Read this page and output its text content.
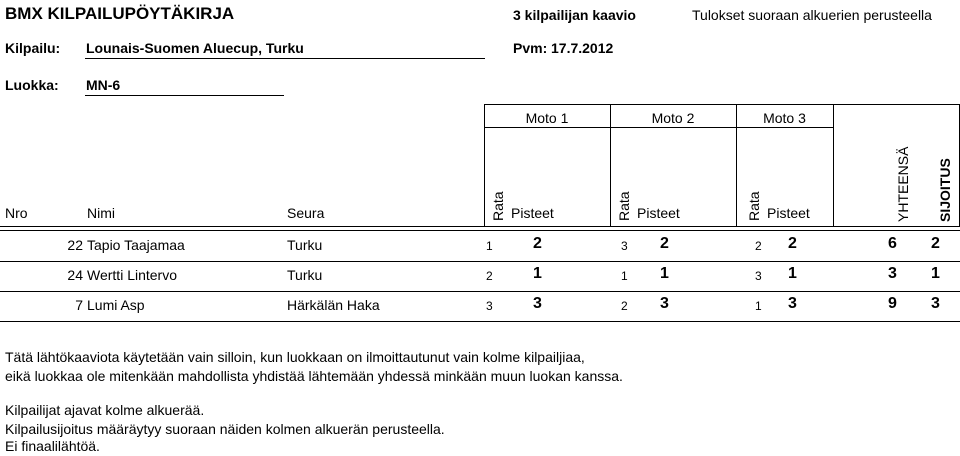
BMX KILPAILUPÖYTÄKIRJA	3 kilpailijan kaavio	Tulokset suoraan alkuerien perusteella
Kilpailu: Lounais-Suomen Aluecup, Turku	Pvm: 17.7.2012
Luokka: MN-6
Moto 1	Moto 2	Moto 3
Nro	Nimi	Seura	Rata Pisteet	Rata Pisteet	Rata Pisteet	YHTEENSÄ SIJOITUS
22 Tapio Taajamaa	Turku	1	2	3 2	2 2	6 2
24 Wertti Lintervo	Turku	2	1	1 1	3 1	3 1
7 Lumi Asp	Härkälän Haka	3	3	2 3	1 3	9 3
Tätä lähtökaaviota käytetään vain silloin, kun luokkaan on ilmoittautunut vain kolme kilpailjiaa,
eikä luokkaa ole mitenkään mahdollista yhdistää lähtemään yhdessä minkään muun luokan kanssa.
Kilpailijat ajavat kolme alkuerää.
Kilpailusijoitus määräytyy suoraan näiden kolmen alkuerän perusteella.
Ei finaalilähtöä.
